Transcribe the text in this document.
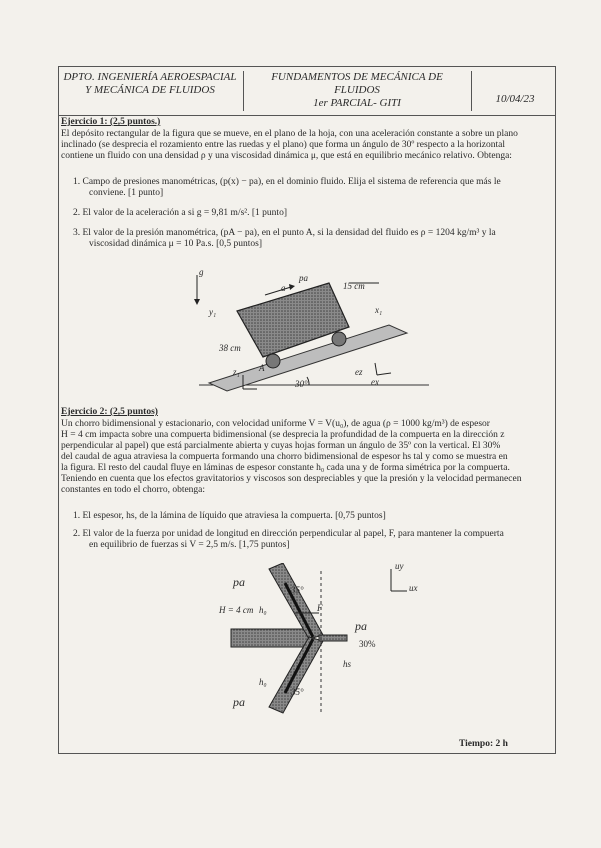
DPTO. INGENIERÍA AEROESPACIAL
Y MECÁNICA DE FLUIDOS
FUNDAMENTOS DE MECÁNICA DE FLUIDOS
1er PARCIAL- GITI	10/04/23
Ejercicio 1: (2,5 puntos.)
El depósito rectangular de la figura que se mueve, en el plano de la hoja, con una aceleración constante a sobre un plano
inclinado (se desprecia el rozamiento entre las ruedas y el plano) que forma un ángulo de 30º respecto a la horizontal
contiene un fluido con una densidad ρ y una viscosidad dinámica μ, que está en equilibrio mecánico relativo. Obtenga:
1. Campo de presiones manométricas, (p(x) − pa), en el dominio fluido. Elija el sistema de referencia que más le
conviene. [1 punto]
2. El valor de la aceleración a si g = 9,81 m/s². [1 punto]
3. El valor de la presión manométrica, (pA − pa), en el punto A, si la densidad del fluido es ρ = 1204 kg/m³ y la
viscosidad dinámica μ = 10 Pa.s. [0,5 puntos]
g
a
pa
15 cm
38 cm
y₁	x₁
z₁ A
30°
ez
ex
Ejercicio 2: (2,5 puntos)
Un chorro bidimensional y estacionario, con velocidad uniforme V = V(u₀), de agua (ρ = 1000 kg/m³) de espesor
H = 4 cm impacta sobre una compuerta bidimensional (se desprecia la profundidad de la compuerta en la dirección z
perpendicular al papel) que está parcialmente abierta y cuyas hojas forman un ángulo de 35º con la vertical. El 30%
del caudal de agua atraviesa la compuerta formando una chorro bidimensional de espesor hs tal y como se muestra en
la figura. El resto del caudal fluye en láminas de espesor constante h₀ cada una y de forma simétrica por la compuerta.
Teniendo en cuenta que los efectos gravitatorios y viscosos son despreciables y que la presión y la velocidad permanecen
constantes en todo el chorro, obtenga:
1. El espesor, hs, de la lámina de líquido que atraviesa la compuerta. [0,75 puntos]
2. El valor de la fuerza por unidad de longitud en dirección perpendicular al papel, F, para mantener la compuerta
en equilibrio de fuerzas si V = 2,5 m/s. [1,75 puntos]
pa
35°
H = 4 cm h₀	F
pa
30%
hs
h₀
35°
pa
uy
ux
Tiempo: 2 h
